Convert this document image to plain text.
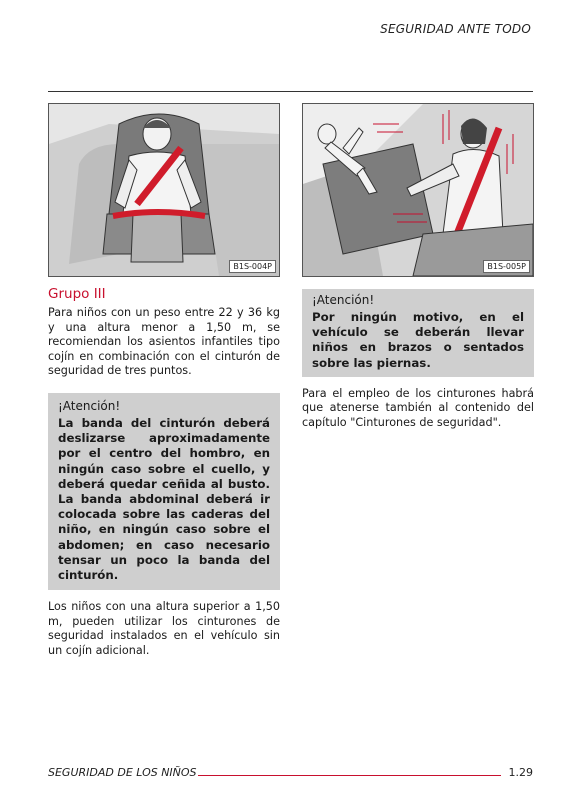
SEGURIDAD ANTE TODO
B1S-004P	B1S-005P
Grupo III

Para niños con un peso entre 22 y 36 kg y una altura menor a 1,50 m, se recomiendan los asientos infantiles tipo cojín en combinación con el cinturón de seguridad de tres puntos.

¡Atención!

La banda del cinturón deberá deslizarse aproximadamente por el centro del hombro, en ningún caso sobre el cuello, y deberá quedar ceñida al busto. La banda abdominal deberá ir colocada sobre las caderas del niño, en ningún caso sobre el abdomen; en caso necesario tensar un poco la banda del cinturón.

Los niños con una altura superior a 1,50 m, pueden utilizar los cinturones de seguridad instalados en el vehículo sin un cojín adicional.

¡Atención!

Por ningún motivo, en el vehículo se deberán llevar niños en brazos o sentados sobre las piernas.

Para el empleo de los cinturones habrá que atenerse también al contenido del capítulo "Cinturones de seguridad".

SEGURIDAD DE LOS NIÑOS	1.29
